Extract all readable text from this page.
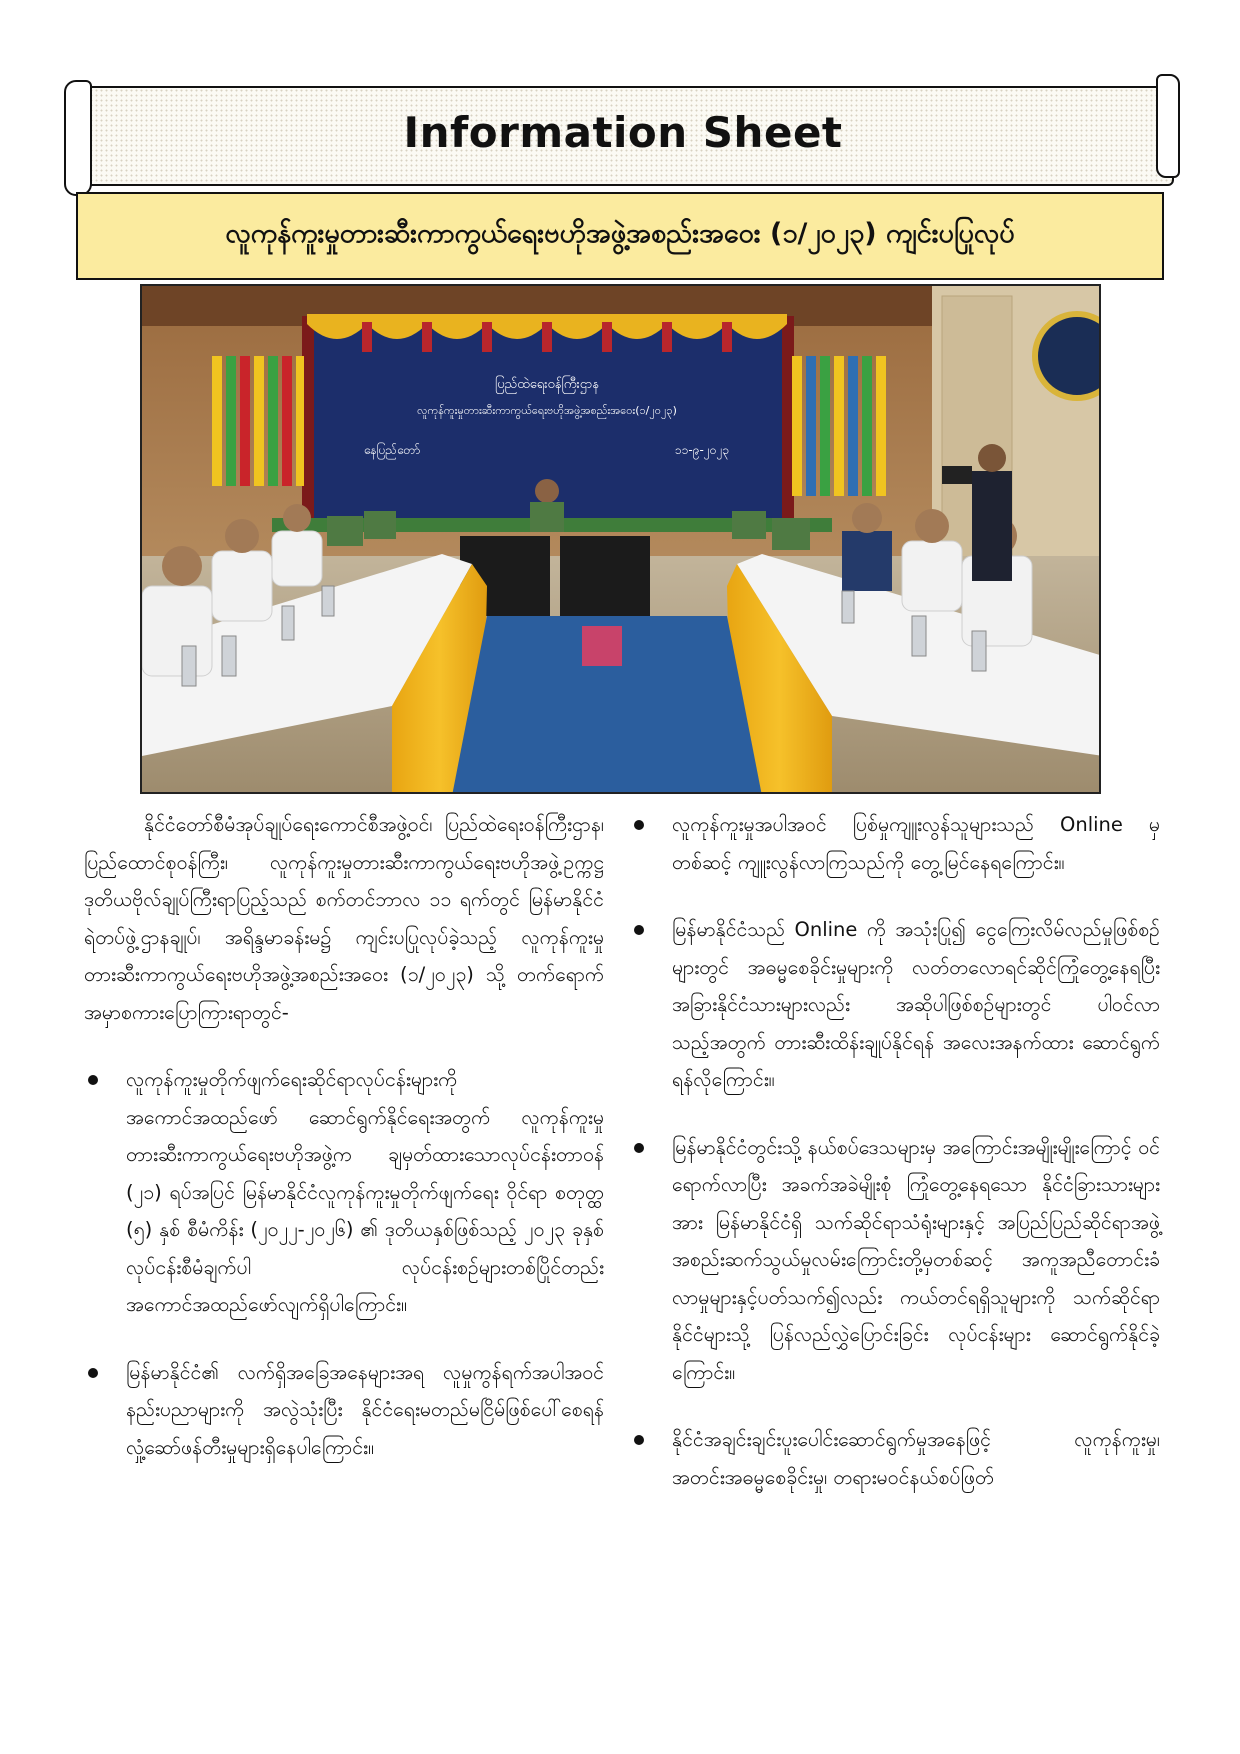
Information Sheet
လူကုန်ကူးမှုတားဆီးကာကွယ်ရေးဗဟိုအဖွဲ့အစည်းအဝေး (၁/၂၀၂၃) ကျင်းပပြုလုပ်
ပြည်ထဲရေးဝန်ကြီးဌာန
လူကုန်ကူးမှုတားဆီးကာကွယ်ရေးဗဟိုအဖွဲ့အစည်းအဝေး(၁/၂၀၂၃)
နေပြည်တော်	၁၁-၉-၂၀၂၃

နိုင်ငံတော်စီမံအုပ်ချုပ်ရေးကောင်စီအဖွဲ့ဝင်၊ ပြည်ထဲရေးဝန်ကြီးဌာန၊ ပြည်ထောင်စုဝန်ကြီး၊ လူကုန်ကူးမှုတားဆီးကာကွယ်ရေးဗဟိုအဖွဲ့ဥက္ကဋ္ဌ ဒုတိယဗိုလ်ချုပ်ကြီးရာပြည့်သည် စက်တင်ဘာလ ၁၁ ရက်တွင် မြန်မာနိုင်ငံရဲတပ်ဖွဲ့ဌာနချုပ်၊ အရိန္ဒမာခန်းမ၌ ကျင်းပပြုလုပ်ခဲ့သည့် လူကုန်ကူးမှုတားဆီးကာကွယ်ရေးဗဟိုအဖွဲ့အစည်းအဝေး (၁/၂၀၂၃) သို့ တက်ရောက်အမှာစကားပြောကြားရာတွင်-

လူကုန်ကူးမှုတိုက်ဖျက်ရေးဆိုင်ရာလုပ်ငန်းများကို အကောင်အထည်ဖော် ဆောင်ရွက်နိုင်ရေးအတွက် လူကုန်ကူးမှုတားဆီးကာကွယ်ရေးဗဟိုအဖွဲ့က ချမှတ်ထားသောလုပ်ငန်းတာဝန် (၂၁) ရပ်အပြင် မြန်မာနိုင်ငံလူကုန်ကူးမှုတိုက်ဖျက်ရေး ဝိုင်ရာ စတုတ္ထ (၅) နှစ် စီမံကိန်း (၂၀၂၂-၂၀၂၆) ၏ ဒုတိယနှစ်ဖြစ်သည့် ၂၀၂၃ ခုနှစ် လုပ်ငန်းစီမံချက်ပါ လုပ်ငန်းစဉ်များတစ်ပြိုင်တည်း အကောင်အထည်ဖော်လျက်ရှိပါကြောင်း။
မြန်မာနိုင်ငံ၏ လက်ရှိအခြေအနေများအရ လူမှုကွန်ရက်အပါအဝင် နည်းပညာများကို အလွဲသုံးပြီး နိုင်ငံရေးမတည်မငြိမ်ဖြစ်ပေါ်စေရန် လှုံ့ဆော်ဖန်တီးမှုများရှိနေပါကြောင်း။
လူကုန်ကူးမှုအပါအဝင် ပြစ်မှုကျူးလွန်သူများသည် Online မှတစ်ဆင့် ကျူးလွန်လာကြသည်ကို တွေ့မြင်နေရကြောင်း။
မြန်မာနိုင်ငံသည် Online ကို အသုံးပြု၍ ငွေကြေးလိမ်လည်မှုဖြစ်စဉ်များတွင် အဓမ္မစေခိုင်းမှုများကို လတ်တလောရင်ဆိုင်ကြုံတွေ့နေရပြီး အခြားနိုင်ငံသားများလည်း အဆိုပါဖြစ်စဉ်များတွင် ပါဝင်လာသည့်အတွက် တားဆီးထိန်းချုပ်နိုင်ရန် အလေးအနက်ထား ဆောင်ရွက်ရန်လိုကြောင်း။
မြန်မာနိုင်ငံတွင်းသို့ နယ်စပ်ဒေသများမှ အကြောင်းအမျိုးမျိုးကြောင့် ဝင်ရောက်လာပြီး အခက်အခဲမျိုးစုံ ကြုံတွေ့နေရသော နိုင်ငံခြားသားများအား မြန်မာနိုင်ငံရှိ သက်ဆိုင်ရာသံရုံးများနှင့် အပြည်ပြည်ဆိုင်ရာအဖွဲ့အစည်းဆက်သွယ်မှုလမ်းကြောင်းတို့မှတစ်ဆင့် အကူအညီတောင်းခံလာမှုများနှင့်ပတ်သက်၍လည်း ကယ်တင်ရရှိသူများကို သက်ဆိုင်ရာနိုင်ငံများသို့ ပြန်လည်လွှဲပြောင်းခြင်း လုပ်ငန်းများ ဆောင်ရွက်နိုင်ခဲ့ကြောင်း။
နိုင်ငံအချင်းချင်းပူးပေါင်းဆောင်ရွက်မှုအနေဖြင့် လူကုန်ကူးမှု၊ အတင်းအဓမ္မစေခိုင်းမှု၊ တရားမဝင်နယ်စပ်ဖြတ်
